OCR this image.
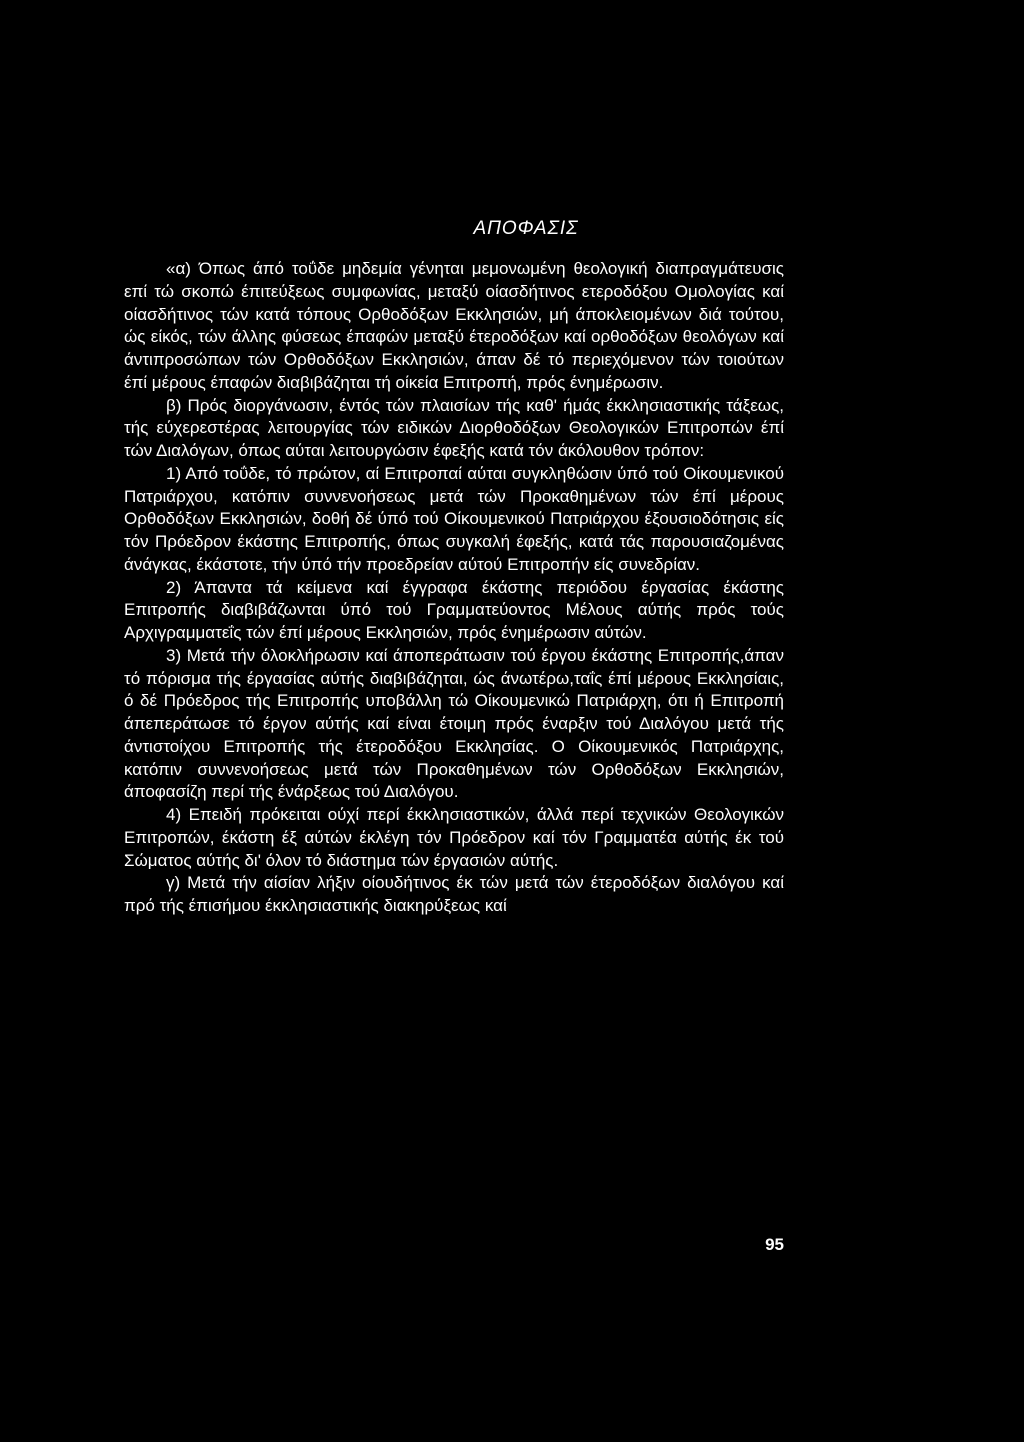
ΑΠΟΦΑΣΙΣ

«α) Όπως άπό τοΰδε μηδεμία γένηται μεμονωμένη θεολογική διαπραγμάτευσις επί τώ σκοπώ έπιτεύξεως συμφωνίας, μεταξύ οίασδήτινος ετεροδόξου Ομολογίας καί οίασδήτινος τών κατά τόπους Ορθοδόξων Εκκλησιών, μή άποκλειομένων διά τούτου, ώς είκός, τών άλλης φύσεως έπαφών μεταξύ έτεροδόξων καί ορθοδόξων θεολόγων καί άντιπροσώπων τών Ορθοδόξων Εκκλησιών, άπαν δέ τό περιεχόμενον τών τοιούτων έπί μέρους έπαφών διαβιβάζηται τή οίκεία Επιτροπή, πρός ένημέρωσιν.

β) Πρός διοργάνωσιν, έντός τών πλαισίων τής καθ' ήμάς έκκλησιαστικής τάξεως, τής εύχερεστέρας λειτουργίας τών ειδικών Διορθοδόξων Θεολογικών Επιτροπών έπί τών Διαλόγων, όπως αύται λειτουργώσιν έφεξής κατά τόν άκόλουθον τρόπον:

1) Από τοΰδε, τό πρώτον, αί Επιτροπαί αύται συγκληθώσιν ύπό τού Οίκουμενικού Πατριάρχου, κατόπιν συννενοήσεως μετά τών Προκαθημένων τών έπί μέρους Ορθοδόξων Εκκλησιών, δοθή δέ ύπό τού Οίκουμενικού Πατριάρχου έξουσιοδότησις είς τόν Πρόεδρον έκάστης Επιτροπής, όπως συγκαλή έφεξής, κατά τάς παρουσιαζομένας άνάγκας, έκάστοτε, τήν ύπό τήν προεδρείαν αύτού Επιτροπήν είς συνεδρίαν.

2) Άπαντα τά κείμενα καί έγγραφα έκάστης περιόδου έργασίας έκάστης Επιτροπής διαβιβάζωνται ύπό τού Γραμματεύοντος Μέλους αύτής πρός τούς Αρχιγραμματεΐς τών έπί μέρους Εκκλησιών, πρός ένημέρωσιν αύτών.

3) Μετά τήν όλοκλήρωσιν καί άποπεράτωσιν τού έργου έκάστης Επιτροπής,άπαν τό πόρισμα τής έργασίας αύτής διαβιβάζηται, ώς άνωτέρω,ταΐς έπί μέρους Εκκλησίαις, ό δέ Πρόεδρος τής Επιτροπής υποβάλλη τώ Οίκουμενικώ Πατριάρχη, ότι ή Επιτροπή άπεπεράτωσε τό έργον αύτής καί είναι έτοιμη πρός έναρξιν τού Διαλόγου μετά τής άντιστοίχου Επιτροπής τής έτεροδόξου Εκκλησίας. Ο Οίκουμενικός Πατριάρχης, κατόπιν συννενοήσεως μετά τών Προκαθημένων τών Ορθοδόξων Εκκλησιών, άποφασίζη περί τής ένάρξεως τού Διαλόγου.

4) Επειδή πρόκειται ούχί περί έκκλησιαστικών, άλλά περί τεχνικών Θεολογικών Επιτροπών, έκάστη έξ αύτών έκλέγη τόν Πρόεδρον καί τόν Γραμματέα αύτής έκ τού Σώματος αύτής δι' όλον τό διάστημα τών έργασιών αύτής.

γ) Μετά τήν αίσίαν λήξιν οίουδήτινος έκ τών μετά τών έτεροδόξων διαλόγου καί πρό τής έπισήμου έκκλησιαστικής διακηρύξεως καί

95
